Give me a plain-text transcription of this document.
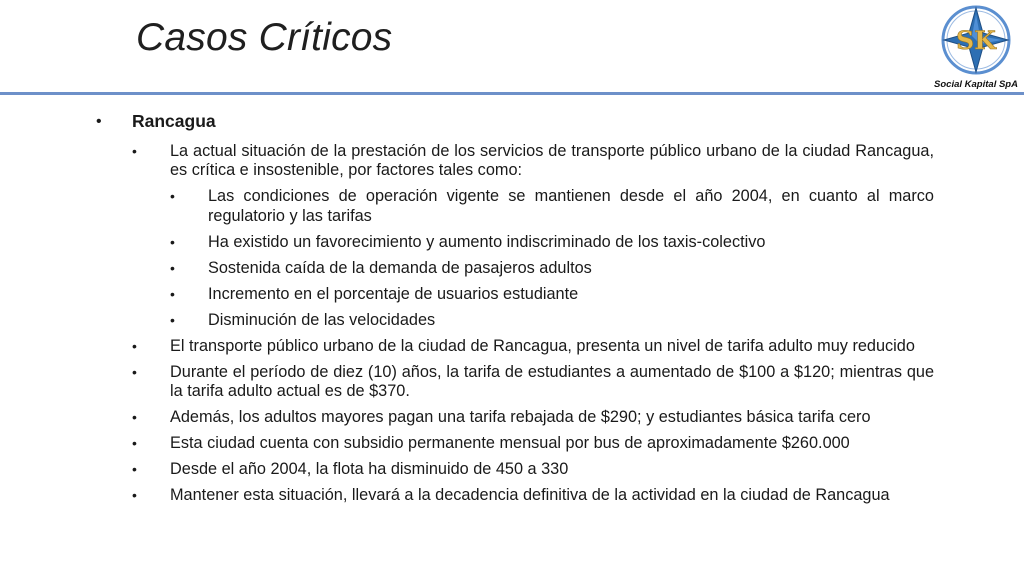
Casos Críticos	SK
Social Kapital SpA
• Rancagua
• La actual situación de la prestación de los servicios de transporte público urbano de la ciudad Rancagua, es crítica e insostenible, por factores tales como:
• Las condiciones de operación vigente se mantienen desde el año 2004, en cuanto al marco regulatorio y las tarifas
• Ha existido un favorecimiento y aumento indiscriminado de los taxis-colectivo
• Sostenida caída de la demanda de pasajeros adultos
• Incremento en el porcentaje de usuarios estudiante
• Disminución de las velocidades
• El transporte público urbano de la ciudad de Rancagua, presenta un nivel de tarifa adulto muy reducido
• Durante el período de diez (10) años, la tarifa de estudiantes a aumentado de $100 a $120; mientras que la tarifa adulto actual es de $370.
• Además, los adultos mayores pagan una tarifa rebajada de $290; y estudiantes básica tarifa cero
• Esta ciudad cuenta con subsidio permanente mensual por bus de aproximadamente $260.000
• Desde el año 2004, la flota ha disminuido de 450 a 330
• Mantener esta situación, llevará a la decadencia definitiva de la actividad en la ciudad de Rancagua
